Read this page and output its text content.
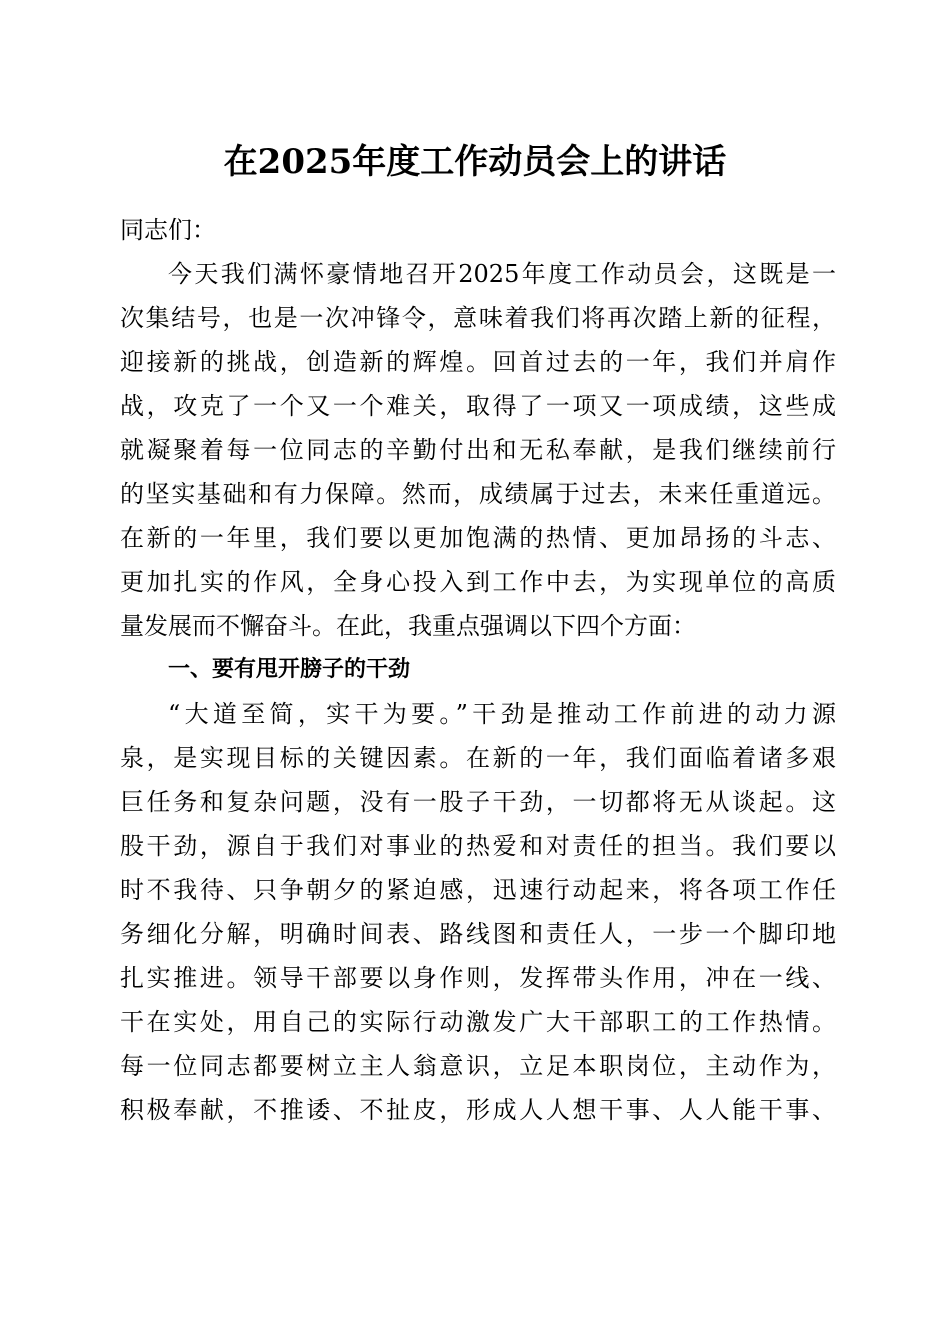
在2025年度工作动员会上的讲话
同志们：
今天我们满怀豪情地召开2025年度工作动员会，这既是一
次集结号，也是一次冲锋令，意味着我们将再次踏上新的征程，
迎接新的挑战，创造新的辉煌。回首过去的一年，我们并肩作
战，攻克了一个又一个难关，取得了一项又一项成绩，这些成
就凝聚着每一位同志的辛勤付出和无私奉献，是我们继续前行
的坚实基础和有力保障。然而，成绩属于过去，未来任重道远。
在新的一年里，我们要以更加饱满的热情、更加昂扬的斗志、
更加扎实的作风，全身心投入到工作中去，为实现单位的高质
量发展而不懈奋斗。在此，我重点强调以下四个方面：
一、要有甩开膀子的干劲
“大道至简，实干为要。”干劲是推动工作前进的动力源
泉，是实现目标的关键因素。在新的一年，我们面临着诸多艰
巨任务和复杂问题，没有一股子干劲，一切都将无从谈起。这
股干劲，源自于我们对事业的热爱和对责任的担当。我们要以
时不我待、只争朝夕的紧迫感，迅速行动起来，将各项工作任
务细化分解，明确时间表、路线图和责任人，一步一个脚印地
扎实推进。领导干部要以身作则，发挥带头作用，冲在一线、
干在实处，用自己的实际行动激发广大干部职工的工作热情。
每一位同志都要树立主人翁意识，立足本职岗位，主动作为，
积极奉献，不推诿、不扯皮，形成人人想干事、人人能干事、
